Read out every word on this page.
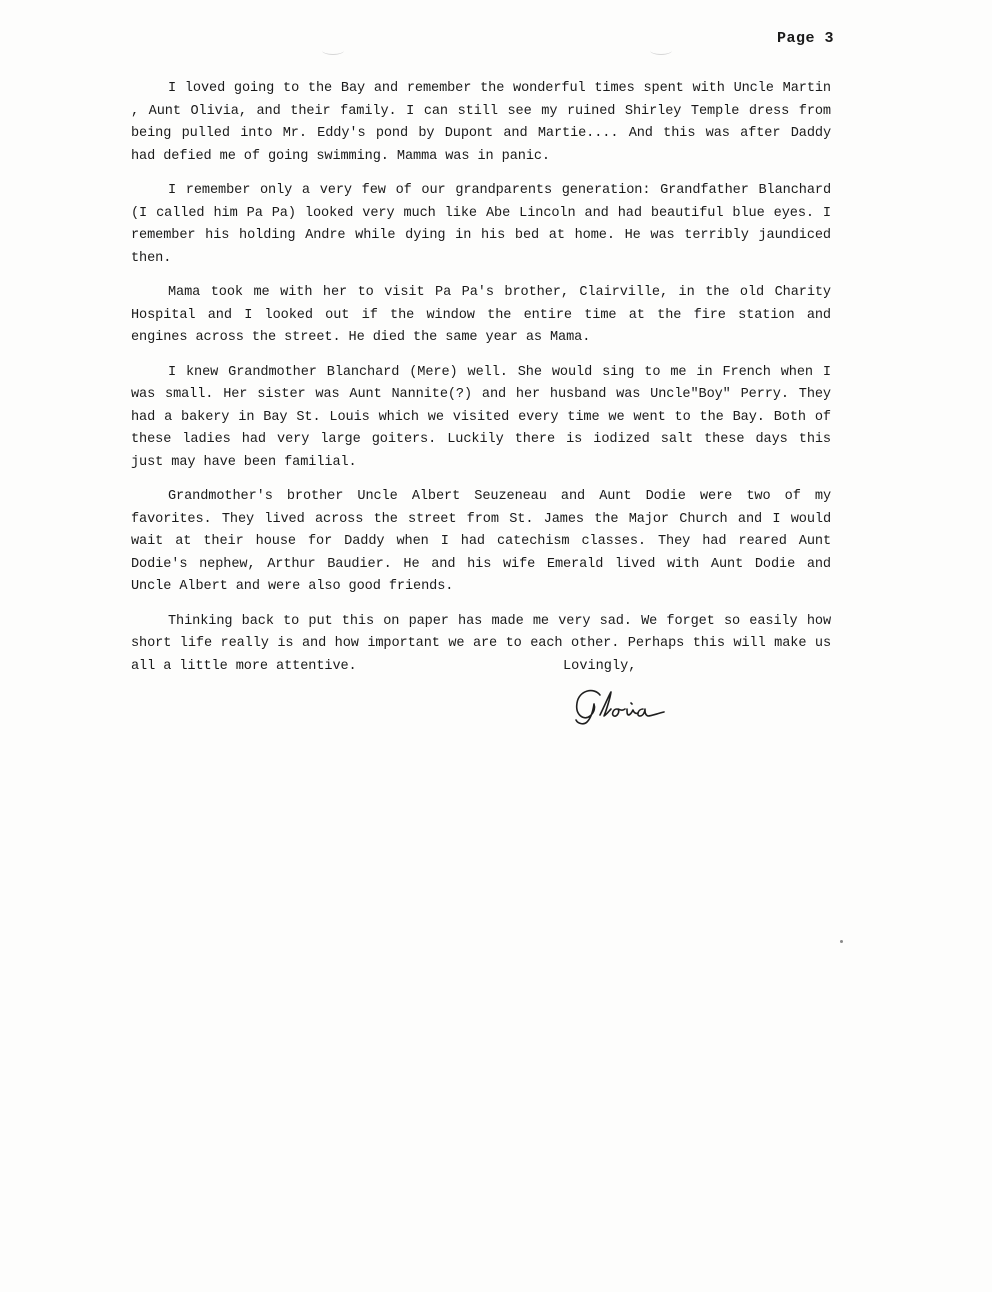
Page 3

I loved going to the Bay and remember the wonderful times spent with Uncle Martin , Aunt Olivia, and their family. I can still see my ruined Shirley Temple dress from being pulled into Mr. Eddy's pond by Dupont and Martie.... And this was after Daddy had defied me of going swimming. Mamma was in panic.

I remember only a very few of our grandparents generation: Grandfather Blanchard (I called him Pa Pa) looked very much like Abe Lincoln and had beautiful blue eyes. I remember his holding Andre while dying in his bed at home. He was terribly jaundiced then.

Mama took me with her to visit Pa Pa's brother, Clairville, in the old Charity Hospital and I looked out if the window the entire time at the fire station and engines across the street. He died the same year as Mama.

I knew Grandmother Blanchard (Mere) well. She would sing to me in French when I was small. Her sister was Aunt Nannite(?) and her husband was Uncle"Boy" Perry. They had a bakery in Bay St. Louis which we visited every time we went to the Bay. Both of these ladies had very large goiters. Luckily there is iodized salt these days this just may have been familial.

Grandmother's brother Uncle Albert Seuzeneau and Aunt Dodie were two of my favorites. They lived across the street from St. James the Major Church and I would wait at their house for Daddy when I had catechism classes. They had reared Aunt Dodie's nephew, Arthur Baudier. He and his wife Emerald lived with Aunt Dodie and Uncle Albert and were also good friends.

Thinking back to put this on paper has made me very sad. We forget so easily how short life really is and how important we are to each other. Perhaps this will make us all a little more attentive.	Lovingly,
